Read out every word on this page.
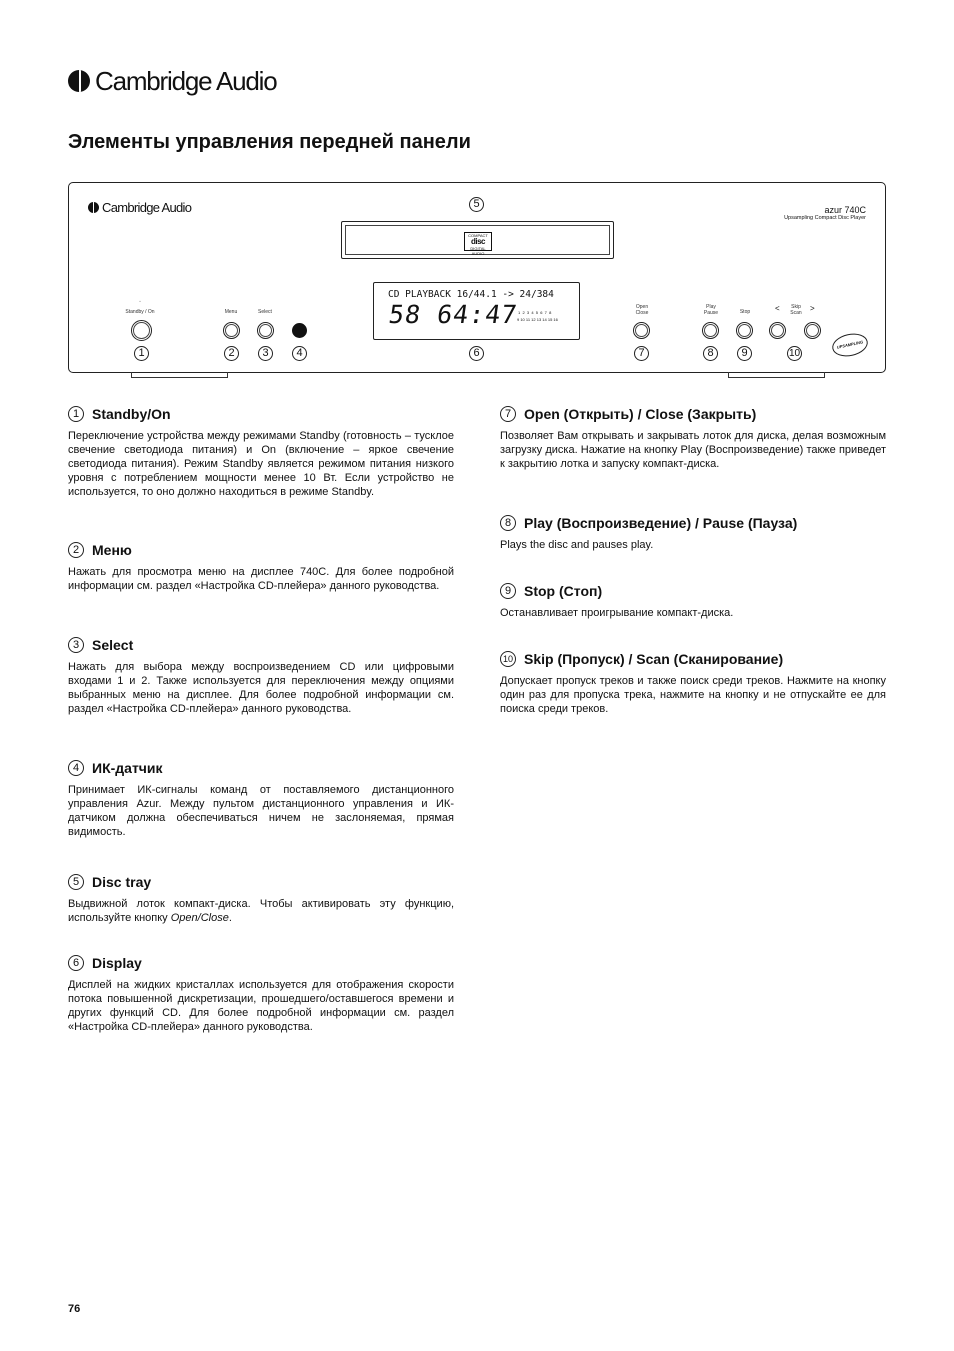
Cambridge Audio
Элементы управления передней панели
Cambridge Audio	azur 740C
Upsampling Compact Disc Player
COMPACT
disc
DIGITAL AUDIO
CD PLAYBACK 16/44.1 -> 24/384
58 64:47
1  2  3  4  5  6  7  8
9 10 11 12 13 14 15 16
◦
Standby / On	Menu	Select
Open
Close
Play
Pause	Stop
Skip
Scan
<	>
UPSAMPLING
1	2	3	4
5
6	7	8	9	10
1 Standby/On
Переключение устройства между режимами Standby (готовность – тусклое свечение светодиода питания) и On (включение – яркое свечение светодиода питания). Режим Standby является режимом питания низкого уровня с потреблением мощности менее 10 Вт. Если устройство не используется, то оно должно находиться в режиме Standby.
2 Меню
Нажать для просмотра меню на дисплее 740C. Для более подробной информации см. раздел «Настройка CD-плейера» данного руководства.
3 Select
Нажать для выбора между воспроизведением CD или цифровыми входами 1 и 2. Также используется для переключения между опциями выбранных меню на дисплее. Для более подробной информации см. раздел «Настройка CD-плейера» данного руководства.
4 ИК-датчик
Принимает ИК-сигналы команд от поставляемого дистанционного управления Azur. Между пультом дистанционного управления и ИК-датчиком должна обеспечиваться ничем не заслоняемая, прямая видимость.
5 Disc tray
Выдвижной лоток компакт-диска. Чтобы активировать эту функцию, используйте кнопку Open/Close.
6 Display
Дисплей на жидких кристаллах используется для отображения скорости потока повышенной дискретизации, прошедшего/оставшегося времени и других функций CD. Для более подробной информации см. раздел «Настройка CD-плейера» данного руководства.
7 Open (Открыть) / Close (Закрыть)
Позволяет Вам открывать и закрывать лоток для диска, делая возможным загрузку диска. Нажатие на кнопку Play (Воспроизведение) также приведет к закрытию лотка и запуску компакт-диска.
8 Play (Воспроизведение) / Pause (Пауза)
Plays the disc and pauses play.
9 Stop (Стоп)
Останавливает проигрывание компакт-диска.
10 Skip (Пропуск) / Scan (Сканирование)
Допускает пропуск треков и также поиск среди треков. Нажмите на кнопку один раз для пропуска трека, нажмите на кнопку и не отпускайте ее для поиска среди треков.
76
